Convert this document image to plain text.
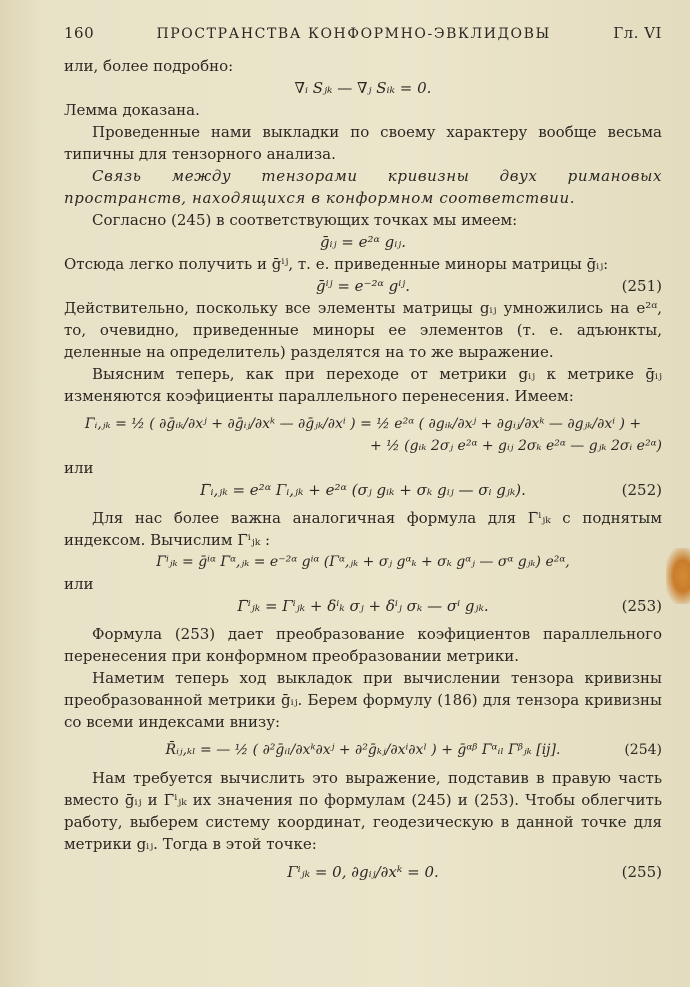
160	ПРОСТРАНСТВА КОНФОРМНО-ЭВКЛИДОВЫ	Гл. VI

или, более подробно:

∇ᵢ Sⱼₖ — ∇ⱼ Sᵢₖ = 0.

Лемма доказана.

Проведенные нами выкладки по своему характеру вообще весьма типичны для тензорного анализа.

Связь между тензорами кривизны двух римановых пространств, находящихся в конформном соответствии.

Согласно (245) в соответствующих точках мы имеем:

ḡᵢⱼ = e²ᵅ gᵢⱼ.

Отсюда легко получить и ḡⁱʲ, т. е. приведенные миноры матрицы ḡᵢⱼ:

ḡⁱʲ = e⁻²ᵅ gⁱʲ.	(251)

Действительно, поскольку все элементы матрицы gᵢⱼ умножились на e²ᵅ, то, очевидно, приведенные миноры ее элементов (т. е. адъюнкты, деленные на определитель) разделятся на то же выражение.

Выясним теперь, как при переходе от метрики gᵢⱼ к метрике ḡᵢⱼ изменяются коэфициенты параллельного перенесения. Имеем:

Γ̄ᵢ,ⱼₖ = ½ ( ∂ḡᵢₖ/∂xʲ + ∂ḡᵢⱼ/∂xᵏ — ∂ḡⱼₖ/∂xⁱ ) = ½ e²ᵅ ( ∂gᵢₖ/∂xʲ + ∂gᵢⱼ/∂xᵏ — ∂gⱼₖ/∂xⁱ ) +

+ ½ (gᵢₖ 2σⱼ e²ᵅ + gᵢⱼ 2σₖ e²ᵅ — gⱼₖ 2σᵢ e²ᵅ)

или

Γ̄ᵢ,ⱼₖ = e²ᵅ Γᵢ,ⱼₖ + e²ᵅ (σⱼ gᵢₖ + σₖ gᵢⱼ — σᵢ gⱼₖ).	(252)

Для нас более важна аналогичная формула для Γ̄ⁱⱼₖ с поднятым индексом. Вычислим Γ̄ⁱⱼₖ :

Γ̄ⁱⱼₖ = ḡⁱᵅ Γ̄ᵅ,ⱼₖ = e⁻²ᵅ gⁱᵅ (Γᵅ,ⱼₖ + σⱼ gᵅₖ + σₖ gᵅⱼ — σᵅ gⱼₖ) e²ᵅ,

или

Γ̄ⁱⱼₖ = Γⁱⱼₖ + δⁱₖ σⱼ + δⁱⱼ σₖ — σⁱ gⱼₖ.	(253)

Формула (253) дает преобразование коэфициентов параллельного перенесения при конформном преобразовании метрики.

Наметим теперь ход выкладок при вычислении тензора кривизны преобразованной метрики ḡᵢⱼ. Берем формулу (186) для тензора кривизны со всеми индексами внизу:

R̄ᵢⱼ,ₖₗ = — ½ ( ∂²ḡᵢₗ/∂xᵏ∂xʲ + ∂²ḡₖⱼ/∂xⁱ∂xˡ ) + ḡᵅᵝ Γ̄ᵅᵢₗ Γ̄ᵝⱼₖ [ij].	(254)

Нам требуется вычислить это выражение, подставив в правую часть вместо ḡᵢⱼ и Γ̄ⁱⱼₖ их значения по формулам (245) и (253). Чтобы облегчить работу, выберем систему координат, геодезическую в данной точке для метрики gᵢⱼ. Тогда в этой точке:

Γⁱⱼₖ = 0, ∂gᵢⱼ/∂xᵏ = 0.	(255)
